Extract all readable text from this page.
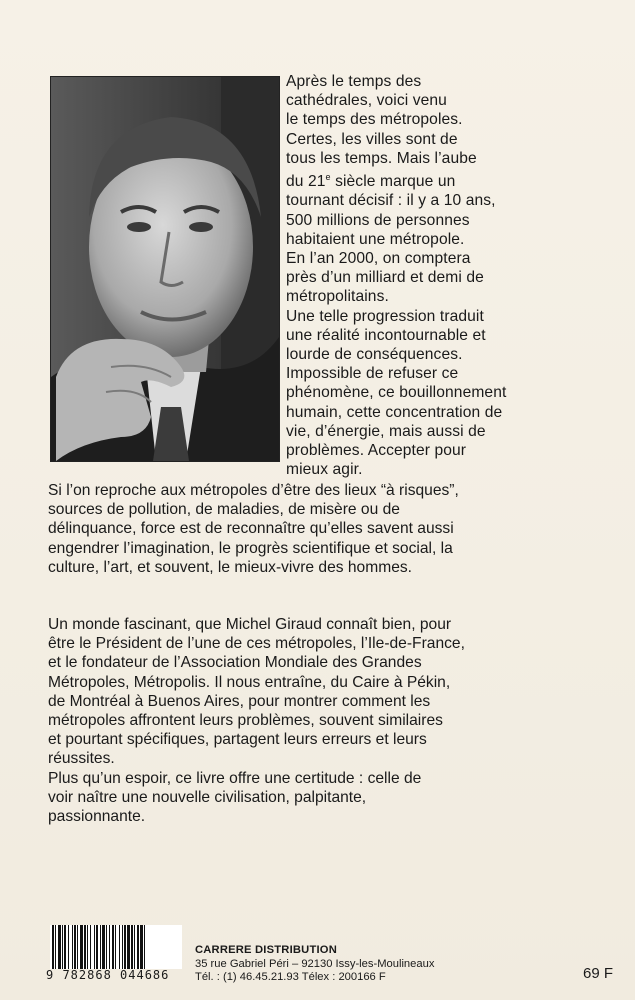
Après le temps des
cathédrales, voici venu
le temps des métropoles.
Certes, les villes sont de
tous les temps. Mais l’aube
du 21e siècle marque un
tournant décisif : il y a 10 ans,
500 millions de personnes
habitaient une métropole.
En l’an 2000, on comptera
près d’un milliard et demi de
métropolitains.
Une telle progression traduit
une réalité incontournable et
lourde de conséquences.
Impossible de refuser ce
phénomène, ce bouillonnement
humain, cette concentration de
vie, d’énergie, mais aussi de
problèmes. Accepter pour
mieux agir.

Si l’on reproche aux métropoles d’être des lieux “à risques”,
sources de pollution, de maladies, de misère ou de
délinquance, force est de reconnaître qu’elles savent aussi
engendrer l’imagination, le progrès scientifique et social, la
culture, l’art, et souvent, le mieux-vivre des hommes.

Un monde fascinant, que Michel Giraud connaît bien, pour
être le Président de l’une de ces métropoles, l’Ile-de-France,
et le fondateur de l’Association Mondiale des Grandes
Métropoles, Métropolis. Il nous entraîne, du Caire à Pékin,
de Montréal à Buenos Aires, pour montrer comment les
métropoles affrontent leurs problèmes, souvent similaires
et pourtant spécifiques, partagent leurs erreurs et leurs
réussites.
Plus qu’un espoir, ce livre offre une certitude : celle de
voir naître une nouvelle civilisation, palpitante,
passionnante.

9 782868 044686
CARRERE DISTRIBUTION
35 rue Gabriel Péri – 92130 Issy-les-Moulineaux
Tél. : (1) 46.45.21.93 Télex : 200166 F	69 F
